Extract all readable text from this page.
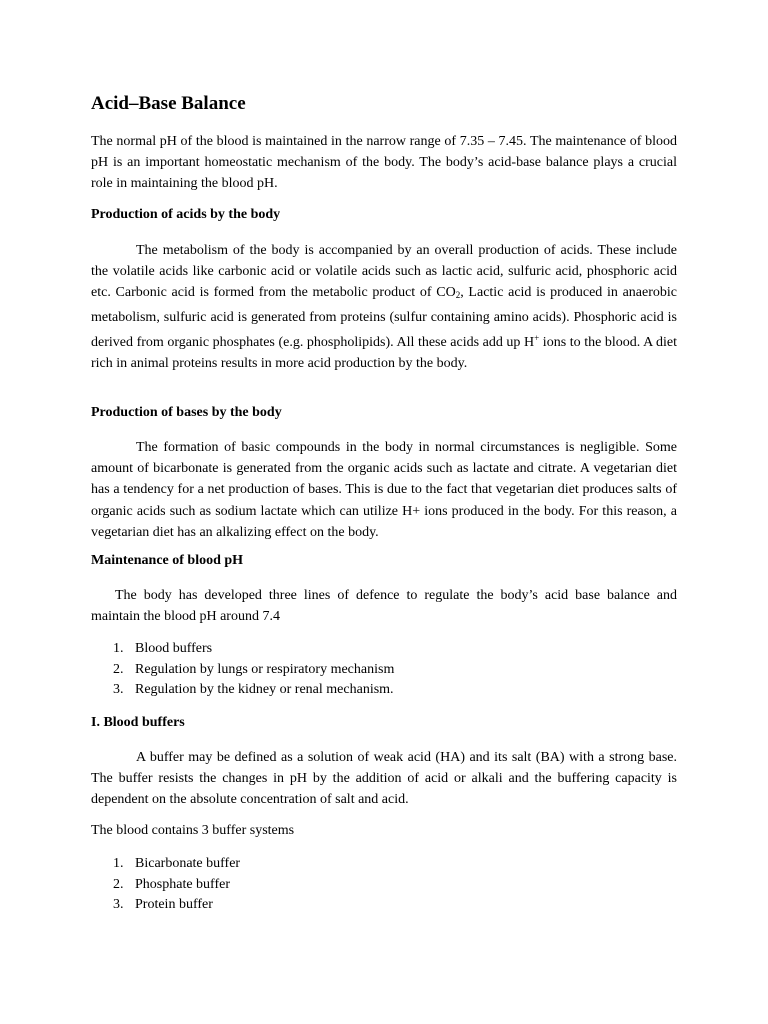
Acid–Base Balance

The normal pH of the blood is maintained in the narrow range of 7.35 – 7.45. The maintenance of blood pH is an important homeostatic mechanism of the body. The body’s acid-base balance plays a crucial role in maintaining the blood pH.

Production of acids by the body

The metabolism of the body is accompanied by an overall production of acids. These include the volatile acids like carbonic acid or volatile acids such as lactic acid, sulfuric acid, phosphoric acid etc. Carbonic acid is formed from the metabolic product of $CO_2$, Lactic acid is produced in anaerobic metabolism, sulfuric acid is generated from proteins (sulfur containing amino acids). Phosphoric acid is derived from organic phosphates (e.g. phospholipids). All these acids add up H+ ions to the blood. A diet rich in animal proteins results in more acid production by the body.

Production of bases by the body

The formation of basic compounds in the body in normal circumstances is negligible. Some amount of bicarbonate is generated from the organic acids such as lactate and citrate. A vegetarian diet has a tendency for a net production of bases. This is due to the fact that vegetarian diet produces salts of organic acids such as sodium lactate which can utilize H+ ions produced in the body. For this reason, a vegetarian diet has an alkalizing effect on the body.

Maintenance of blood pH

The body has developed three lines of defence to regulate the body’s acid base balance and maintain the blood pH around 7.4

1. Blood buffers
2. Regulation by lungs or respiratory mechanism
3. Regulation by the kidney or renal mechanism.

I. Blood buffers

A buffer may be defined as a solution of weak acid (HA) and its salt (BA) with a strong base. The buffer resists the changes in pH by the addition of acid or alkali and the buffering capacity is dependent on the absolute concentration of salt and acid.

The blood contains 3 buffer systems

1. Bicarbonate buffer
2. Phosphate buffer
3. Protein buffer
